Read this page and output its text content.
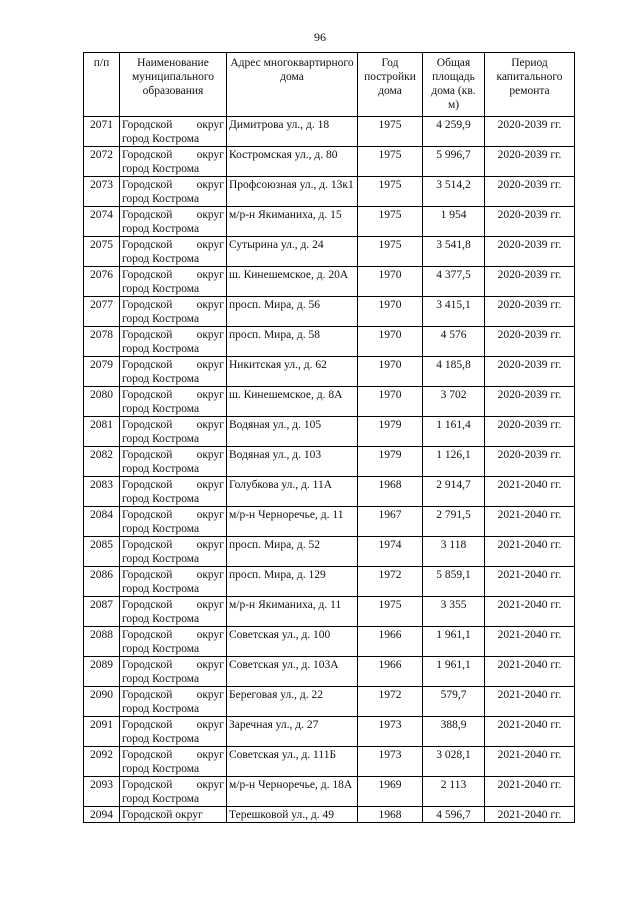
96
п/п	Наименование муниципального образования	Адрес многоквартирного дома	Год постройки дома	Общая площадь дома (кв. м)	Период капитального ремонта
2071	Городской округ город Кострома	Димитрова ул., д. 18	1975	4 259,9	2020-2039 гг.
2072	Городской округ город Кострома	Костромская ул., д. 80	1975	5 996,7	2020-2039 гг.
2073	Городской округ город Кострома	Профсоюзная ул., д. 13к1	1975	3 514,2	2020-2039 гг.
2074	Городской округ город Кострома	м/р-н Якиманиха, д. 15	1975	1 954	2020-2039 гг.
2075	Городской округ город Кострома	Сутырина ул., д. 24	1975	3 541,8	2020-2039 гг.
2076	Городской округ город Кострома	ш. Кинешемское, д. 20А	1970	4 377,5	2020-2039 гг.
2077	Городской округ город Кострома	просп. Мира, д. 56	1970	3 415,1	2020-2039 гг.
2078	Городской округ город Кострома	просп. Мира, д. 58	1970	4 576	2020-2039 гг.
2079	Городской округ город Кострома	Никитская ул., д. 62	1970	4 185,8	2020-2039 гг.
2080	Городской округ город Кострома	ш. Кинешемское, д. 8А	1970	3 702	2020-2039 гг.
2081	Городской округ город Кострома	Водяная ул., д. 105	1979	1 161,4	2020-2039 гг.
2082	Городской округ город Кострома	Водяная ул., д. 103	1979	1 126,1	2020-2039 гг.
2083	Городской округ город Кострома	Голубкова ул., д. 11А	1968	2 914,7	2021-2040 гг.
2084	Городской округ город Кострома	м/р-н Черноречье, д. 11	1967	2 791,5	2021-2040 гг.
2085	Городской округ город Кострома	просп. Мира, д. 52	1974	3 118	2021-2040 гг.
2086	Городской округ город Кострома	просп. Мира, д. 129	1972	5 859,1	2021-2040 гг.
2087	Городской округ город Кострома	м/р-н Якиманиха, д. 11	1975	3 355	2021-2040 гг.
2088	Городской округ город Кострома	Советская ул., д. 100	1966	1 961,1	2021-2040 гг.
2089	Городской округ город Кострома	Советская ул., д. 103А	1966	1 961,1	2021-2040 гг.
2090	Городской округ город Кострома	Береговая ул., д. 22	1972	579,7	2021-2040 гг.
2091	Городской округ город Кострома	Заречная ул., д. 27	1973	388,9	2021-2040 гг.
2092	Городской округ город Кострома	Советская ул., д. 111Б	1973	3 028,1	2021-2040 гг.
2093	Городской округ город Кострома	м/р-н Черноречье, д. 18А	1969	2 113	2021-2040 гг.
2094	Городской округ	Терешковой ул., д. 49	1968	4 596,7	2021-2040 гг.
